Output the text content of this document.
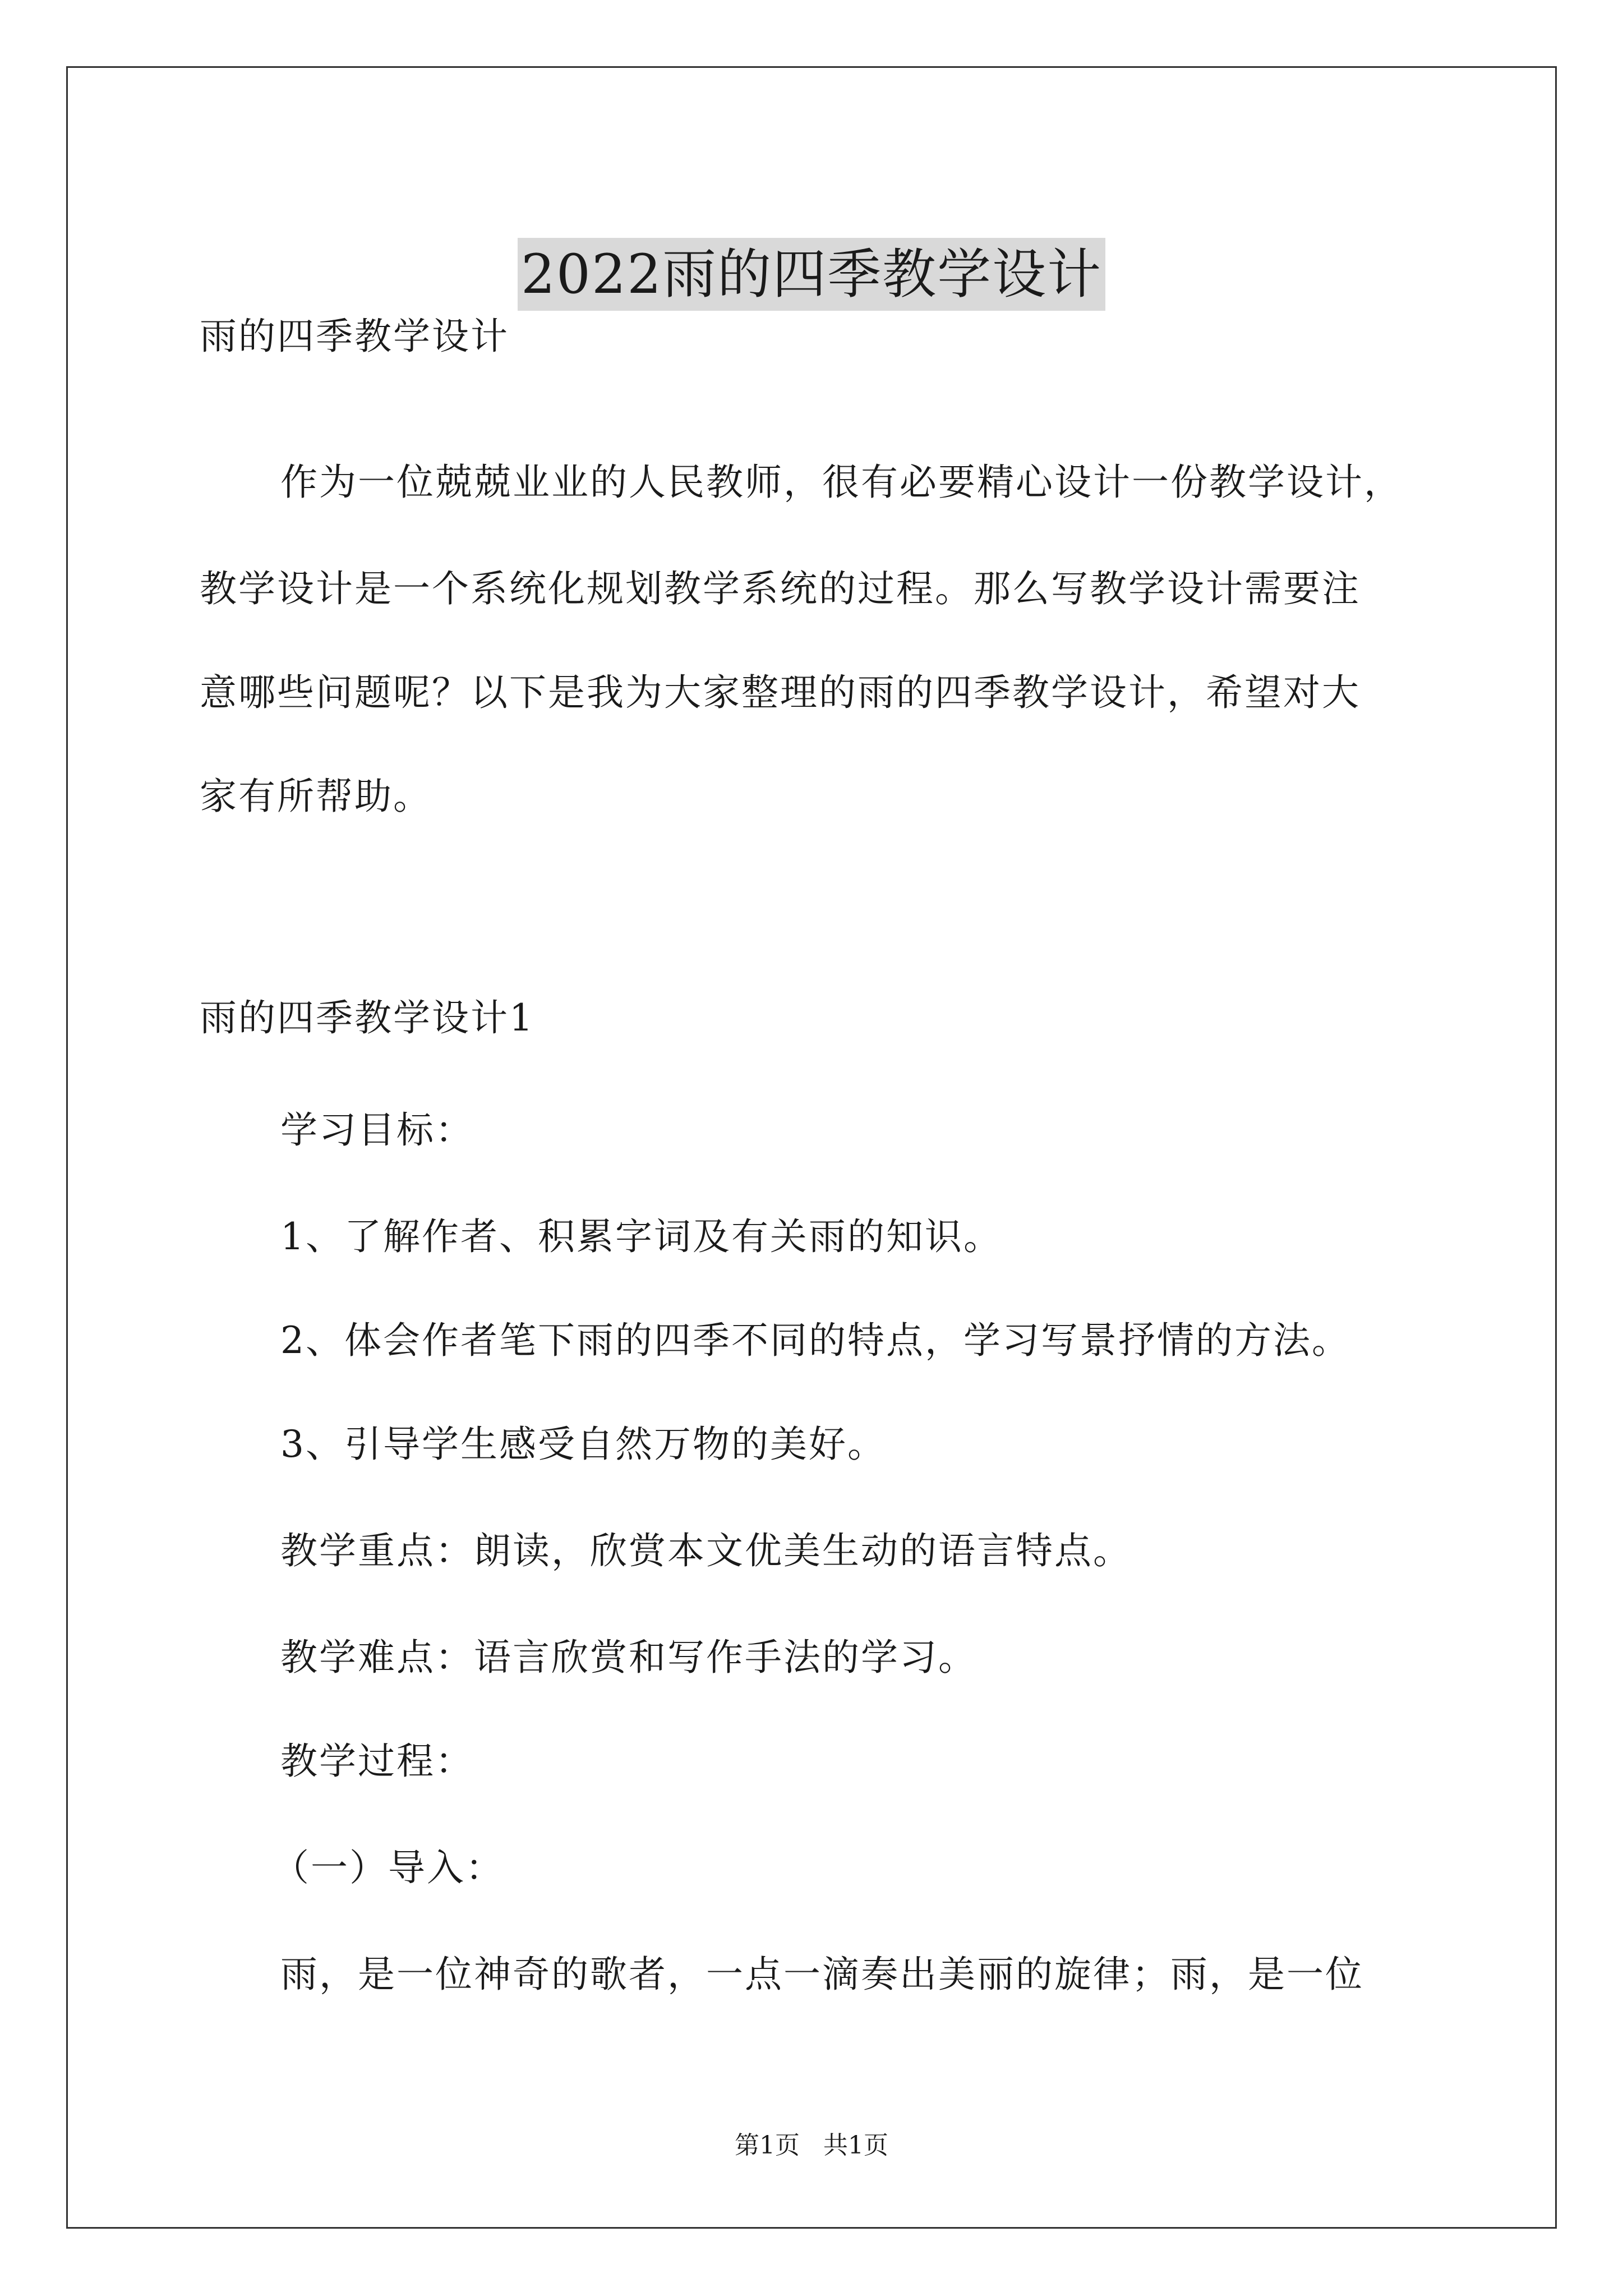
2022雨的四季教学设计
雨的四季教学设计
作为一位兢兢业业的人民教师，很有必要精心设计一份教学设计，
教学设计是一个系统化规划教学系统的过程。那么写教学设计需要注
意哪些问题呢？以下是我为大家整理的雨的四季教学设计，希望对大
家有所帮助。
雨的四季教学设计1
学习目标：
1、了解作者、积累字词及有关雨的知识。
2、体会作者笔下雨的四季不同的特点，学习写景抒情的方法。
3、引导学生感受自然万物的美好。
教学重点：朗读，欣赏本文优美生动的语言特点。
教学难点：语言欣赏和写作手法的学习。
教学过程：
（一）导入：
雨，是一位神奇的歌者，一点一滴奏出美丽的旋律；雨，是一位
第1页 共1页
